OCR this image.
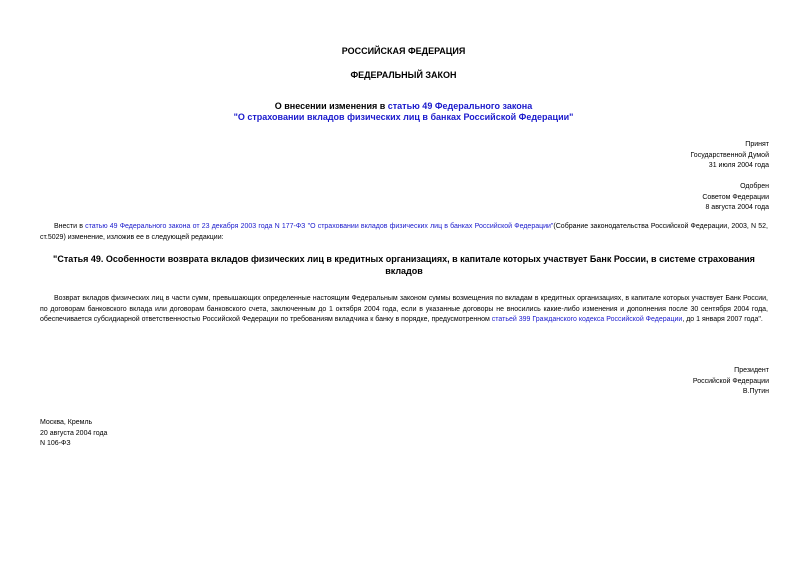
РОССИЙСКАЯ ФЕДЕРАЦИЯ
ФЕДЕРАЛЬНЫЙ ЗАКОН
О внесении изменения в статью 49 Федерального закона
"О страховании вкладов физических лиц в банках Российской Федерации"
Принят
Государственной Думой
31 июля 2004 года
Одобрен
Советом Федерации
8 августа 2004 года
Внести в статью 49 Федерального закона от 23 декабря 2003 года N 177-ФЗ "О страховании вкладов физических лиц в банках Российской Федерации"(Собрание законодательства Российской Федерации, 2003, N 52, ст.5029) изменение, изложив ее в следующей редакции:
"Статья 49. Особенности возврата вкладов физических лиц в кредитных организациях, в капитале которых участвует Банк России, в системе страхования вкладов
Возврат вкладов физических лиц в части сумм, превышающих определенные настоящим Федеральным законом суммы возмещения по вкладам в кредитных организациях, в капитале которых участвует Банк России, по договорам банковского вклада или договорам банковского счета, заключенным до 1 октября 2004 года, если в указанные договоры не вносились какие-либо изменения и дополнения после 30 сентября 2004 года, обеспечивается субсидиарной ответственностью Российской Федерации по требованиям вкладчика к банку в порядке, предусмотренном статьей 399 Гражданского кодекса Российской Федерации, до 1 января 2007 года".
Президент
Российской Федерации
В.Путин
Москва, Кремль
20 августа 2004 года
N 106-ФЗ
